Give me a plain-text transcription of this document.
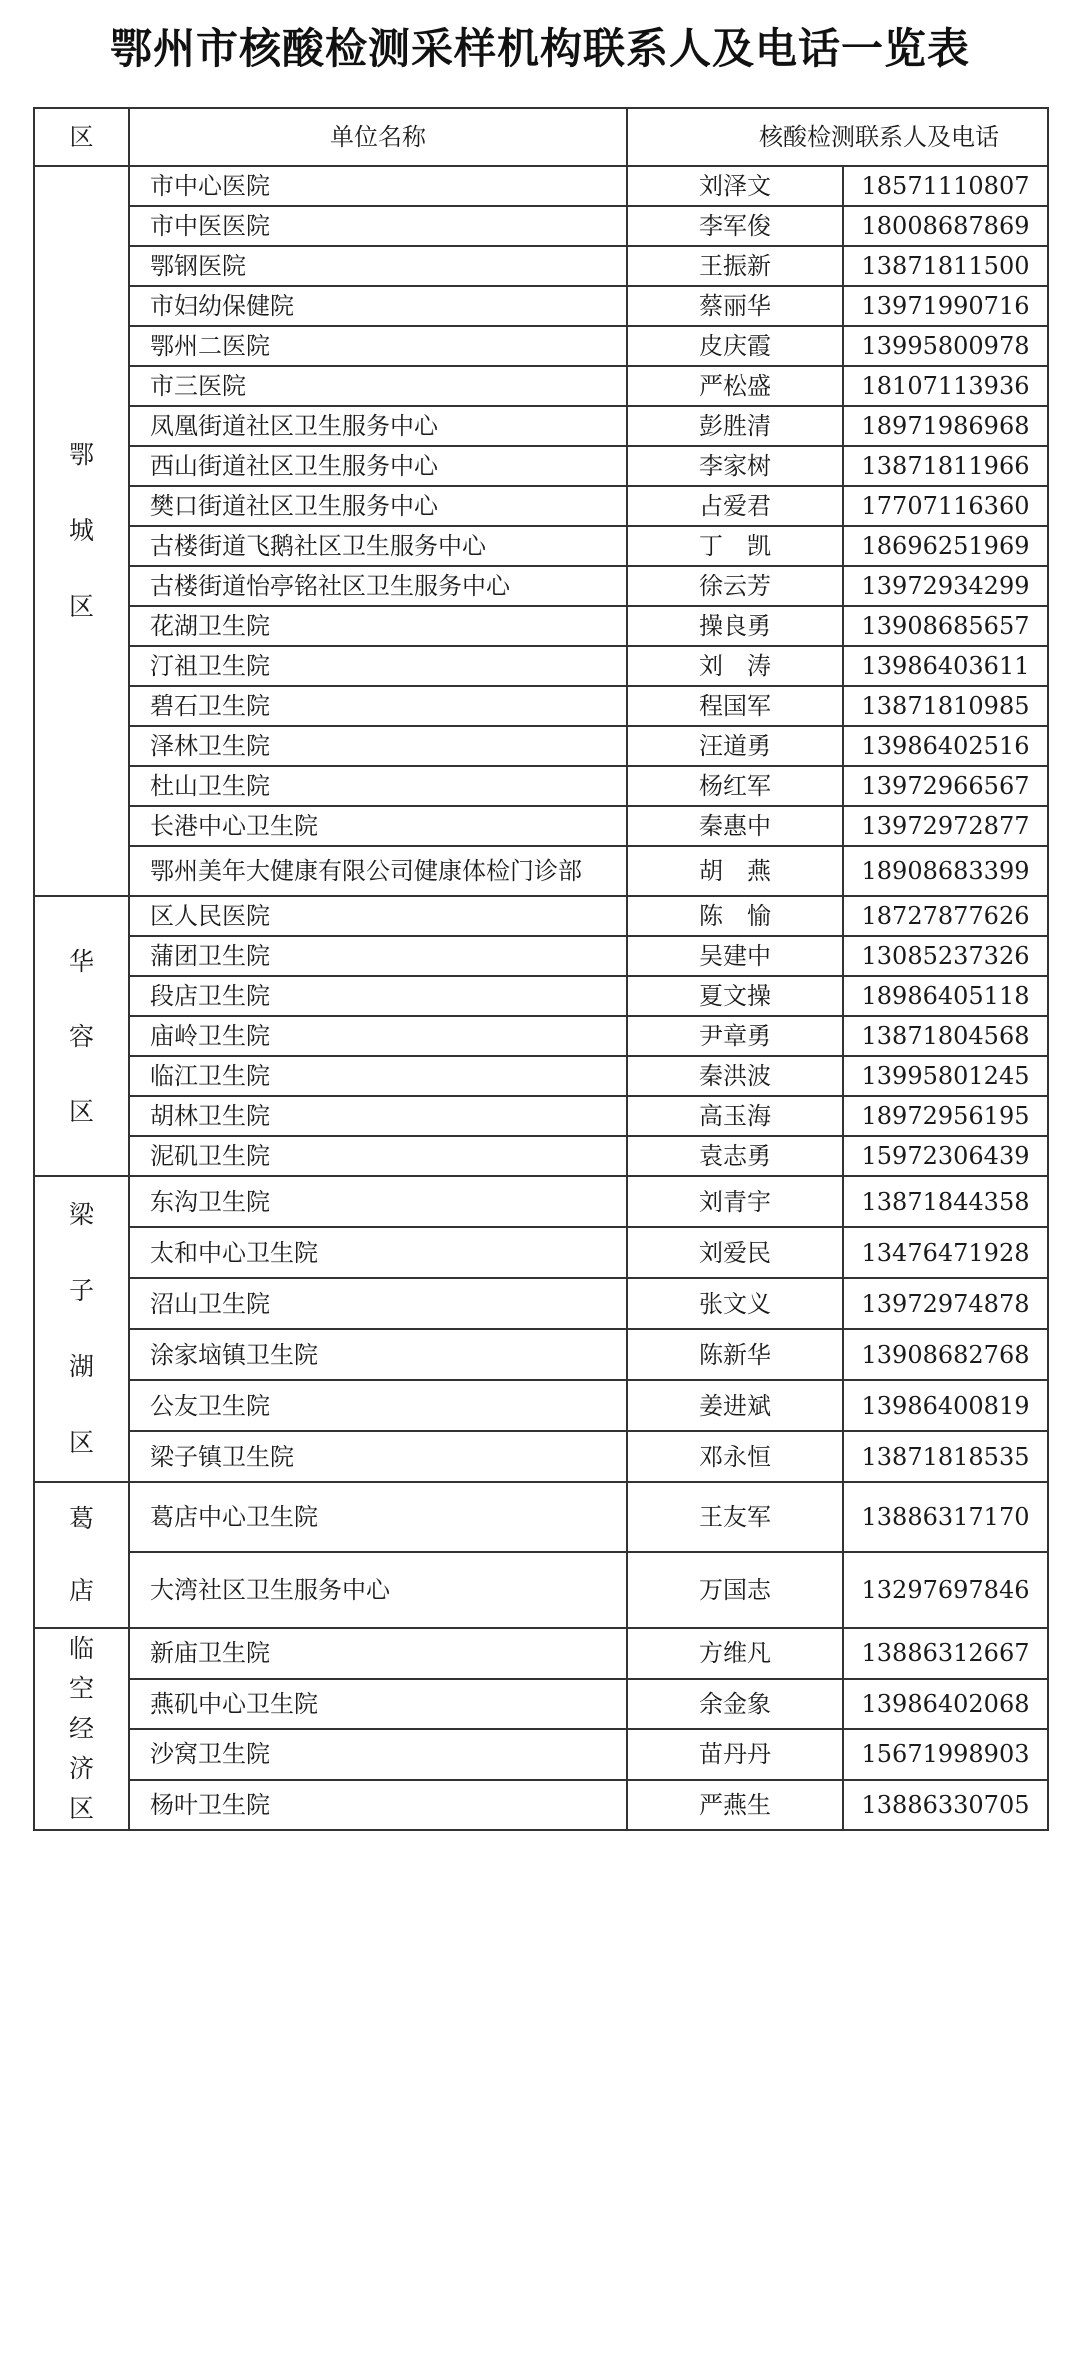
鄂州市核酸检测采样机构联系人及电话一览表
区	单位名称	核酸检测联系人及电话	

鄂
城
区	市中心医院	刘泽文	18571110807
	市中医医院	李军俊	18008687869
	鄂钢医院	王振新	13871811500
	市妇幼保健院	蔡丽华	13971990716
	鄂州二医院	皮庆霞	13995800978
	市三医院	严松盛	18107113936
	凤凰街道社区卫生服务中心	彭胜清	18971986968
	西山街道社区卫生服务中心	李家树	13871811966
	樊口街道社区卫生服务中心	占爱君	17707116360
	古楼街道飞鹅社区卫生服务中心	丁　凯	18696251969
	古楼街道怡亭铭社区卫生服务中心	徐云芳	13972934299
	花湖卫生院	操良勇	13908685657
	汀祖卫生院	刘　涛	13986403611
	碧石卫生院	程国军	13871810985
	泽林卫生院	汪道勇	13986402516
	杜山卫生院	杨红军	13972966567
	长港中心卫生院	秦惠中	13972972877
	鄂州美年大健康有限公司健康体检门诊部	胡　燕	18908683399

华
容
区	区人民医院	陈　愉	18727877626
	蒲团卫生院	吴建中	13085237326
	段店卫生院	夏文操	18986405118
	庙岭卫生院	尹章勇	13871804568
	临江卫生院	秦洪波	13995801245
	胡林卫生院	高玉海	18972956195
	泥矶卫生院	袁志勇	15972306439

梁
子
湖
区	东沟卫生院	刘青宇	13871844358
	太和中心卫生院	刘爱民	13476471928
	沼山卫生院	张文义	13972974878
	涂家垴镇卫生院	陈新华	13908682768
	公友卫生院	姜进斌	13986400819
	梁子镇卫生院	邓永恒	13871818535

葛
店	葛店中心卫生院	王友军	13886317170
	大湾社区卫生服务中心	万国志	13297697846

临
空
经
济
区	新庙卫生院	方维凡	13886312667
	燕矶中心卫生院	余金象	13986402068
	沙窝卫生院	苗丹丹	15671998903
	杨叶卫生院	严燕生	13886330705
